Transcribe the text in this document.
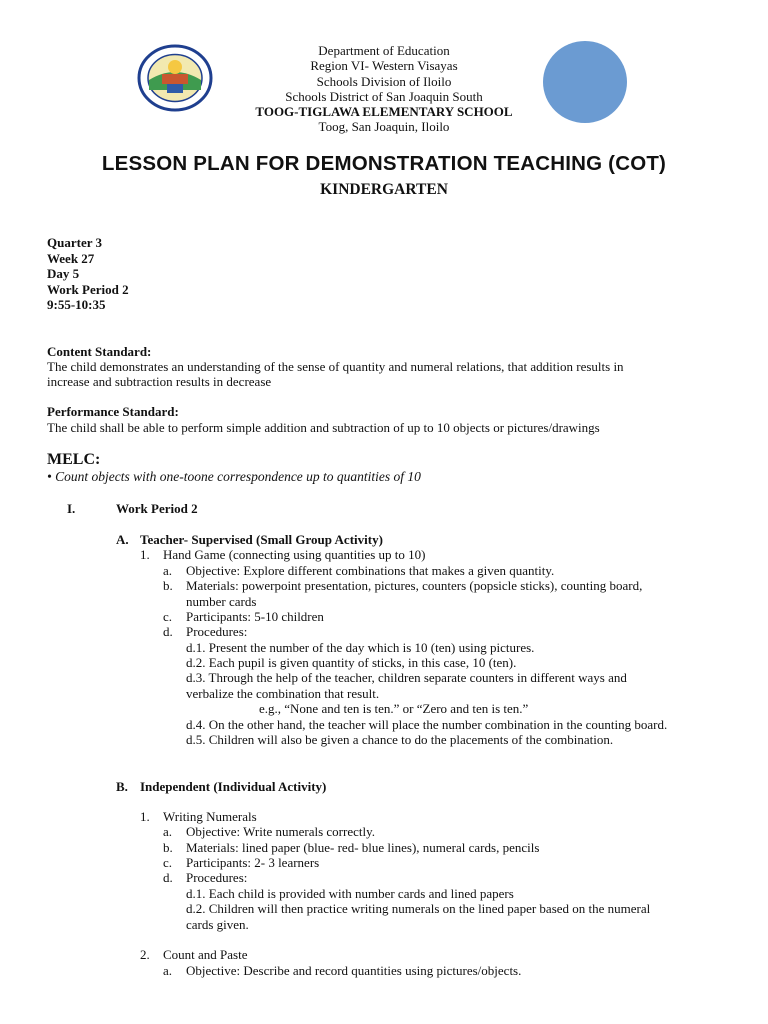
Department of Education
Region VI- Western Visayas
Schools Division of Iloilo
Schools District of San Joaquin South
TOOG-TIGLAWA ELEMENTARY SCHOOL
Toog, San Joaquin, Iloilo
LESSON PLAN FOR DEMONSTRATION TEACHING (COT)
KINDERGARTEN
Quarter 3
Week 27
Day 5
Work Period 2
9:55-10:35
Content Standard:
The child demonstrates an understanding of the sense of quantity and numeral relations, that addition results in
increase and subtraction results in decrease
Performance Standard:
The child shall be able to perform simple addition and subtraction of up to 10 objects or pictures/drawings
MELC:
• Count objects with one-toone correspondence up to quantities of 10
I.	Work Period 2
A. Teacher- Supervised (Small Group Activity)
1. Hand Game (connecting using quantities up to 10)
a. Objective: Explore different combinations that makes a given quantity.
b. Materials: powerpoint presentation, pictures, counters (popsicle sticks), counting board,
number cards
c. Participants: 5-10 children
d. Procedures:
d.1. Present the number of the day which is 10 (ten) using pictures.
d.2. Each pupil is given quantity of sticks, in this case, 10 (ten).
d.3. Through the help of the teacher, children separate counters in different ways and
verbalize the combination that result.
e.g., “None and ten is ten.” or “Zero and ten is ten.”
d.4. On the other hand, the teacher will place the number combination in the counting board.
d.5. Children will also be given a chance to do the placements of the combination.
B. Independent (Individual Activity)
1. Writing Numerals
a. Objective: Write numerals correctly.
b. Materials: lined paper (blue- red- blue lines), numeral cards, pencils
c. Participants: 2- 3 learners
d. Procedures:
d.1. Each child is provided with number cards and lined papers
d.2. Children will then practice writing numerals on the lined paper based on the numeral
cards given.
2. Count and Paste
a. Objective: Describe and record quantities using pictures/objects.
